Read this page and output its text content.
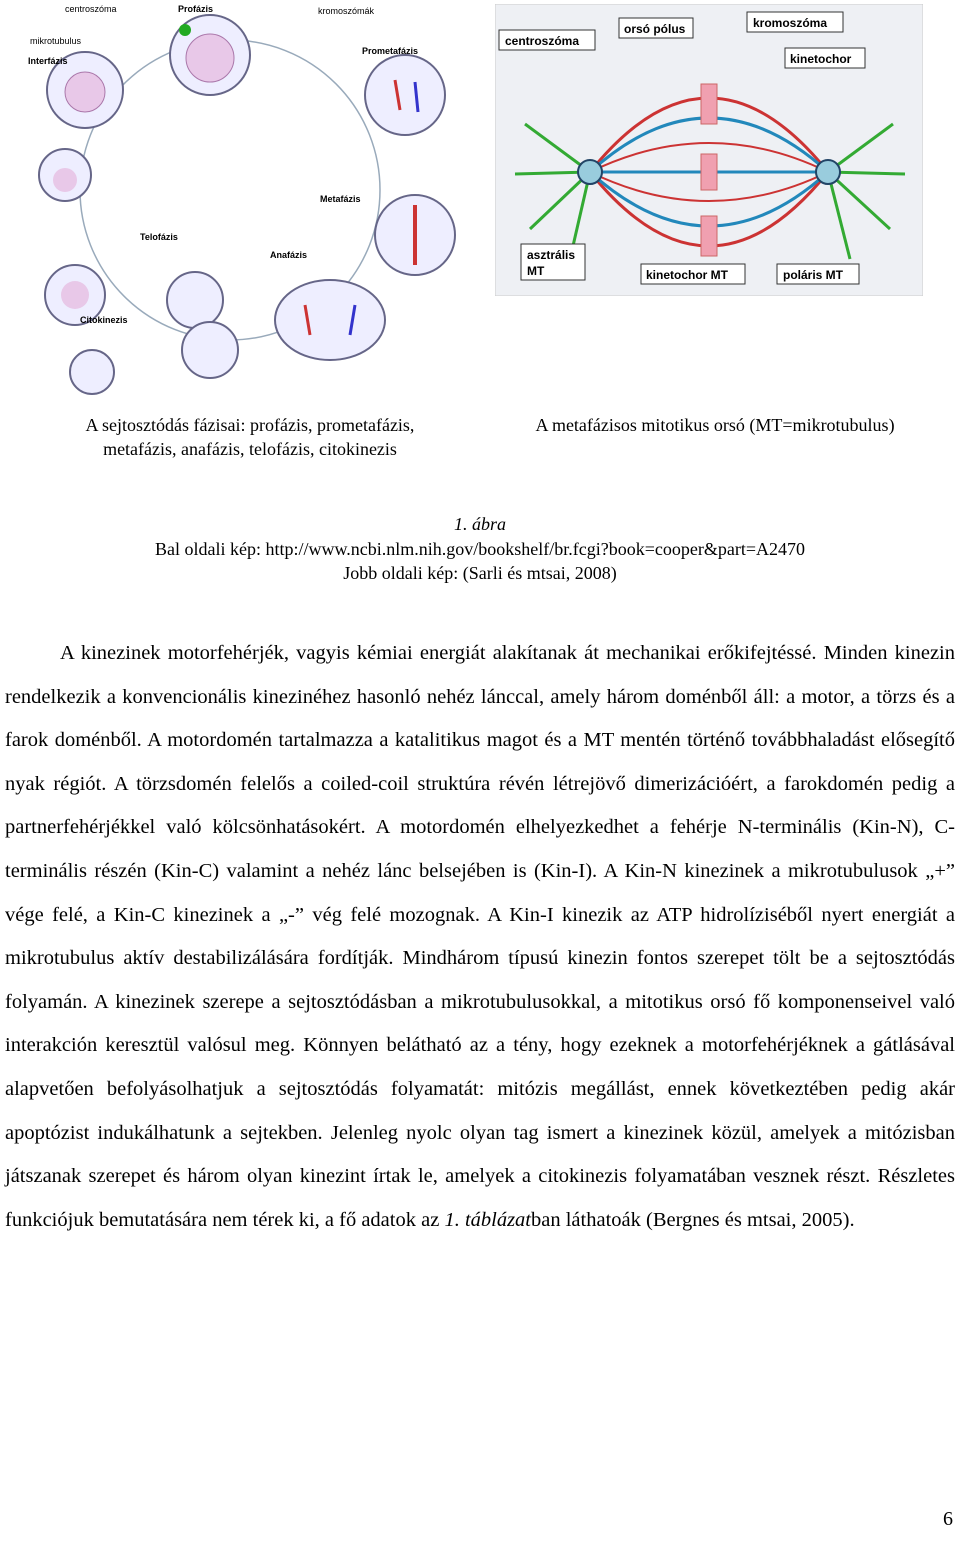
centroszóma	Profázis	kromoszómák
mikrotubulus
Interfázis
Prometafázis
Metafázis
Telofázis
Anafázis
Citokinezis
centroszóma
orsó pólus	kromoszóma
kinetochor
asztrális
MT	kinetochor MT	poláris MT
A sejtosztódás fázisai: profázis, prometafázis,
metafázis, anafázis, telofázis, citokinezis
A metafázisos mitotikus orsó (MT=mikrotubulus)
1. ábra
Bal oldali kép: http://www.ncbi.nlm.nih.gov/bookshelf/br.fcgi?book=cooper&part=A2470
Jobb oldali kép: (Sarli és mtsai, 2008)

A kinezinek motorfehérjék, vagyis kémiai energiát alakítanak át mechanikai erőkifejtéssé. Minden kinezin rendelkezik a konvencionális kinezinéhez hasonló nehéz lánccal, amely három doménből áll: a motor, a törzs és a farok doménből. A motordomén tartalmazza a katalitikus magot és a MT mentén történő továbbhaladást elősegítő nyak régiót. A törzsdomén felelős a coiled-coil struktúra révén létrejövő dimerizációért, a farokdomén pedig a partnerfehérjékkel való kölcsönhatásokért. A motordomén elhelyezkedhet a fehérje N-terminális (Kin-N), C-terminális részén (Kin-C) valamint a nehéz lánc belsejében is (Kin-I). A Kin-N kinezinek a mikrotubulusok „+” vége felé, a Kin-C kinezinek a „-” vég felé mozognak. A Kin-I kinezik az ATP hidrolíziséből nyert energiát a mikrotubulus aktív destabilizálására fordítják. Mindhárom típusú kinezin fontos szerepet tölt be a sejtosztódás folyamán. A kinezinek szerepe a sejtosztódásban a mikrotubulusokkal, a mitotikus orsó fő komponenseivel való interakción keresztül valósul meg. Könnyen belátható az a tény, hogy ezeknek a motorfehérjéknek a gátlásával alapvetően befolyásolhatjuk a sejtosztódás folyamatát: mitózis megállást, ennek következtében pedig akár apoptózist indukálhatunk a sejtekben. Jelenleg nyolc olyan tag ismert a kinezinek közül, amelyek a mitózisban játszanak szerepet és három olyan kinezint írtak le, amelyek a citokinezis folyamatában vesznek részt. Részletes funkciójuk bemutatására nem térek ki, a fő adatok az 1. táblázatban láthatoák (Bergnes és mtsai, 2005).

6
